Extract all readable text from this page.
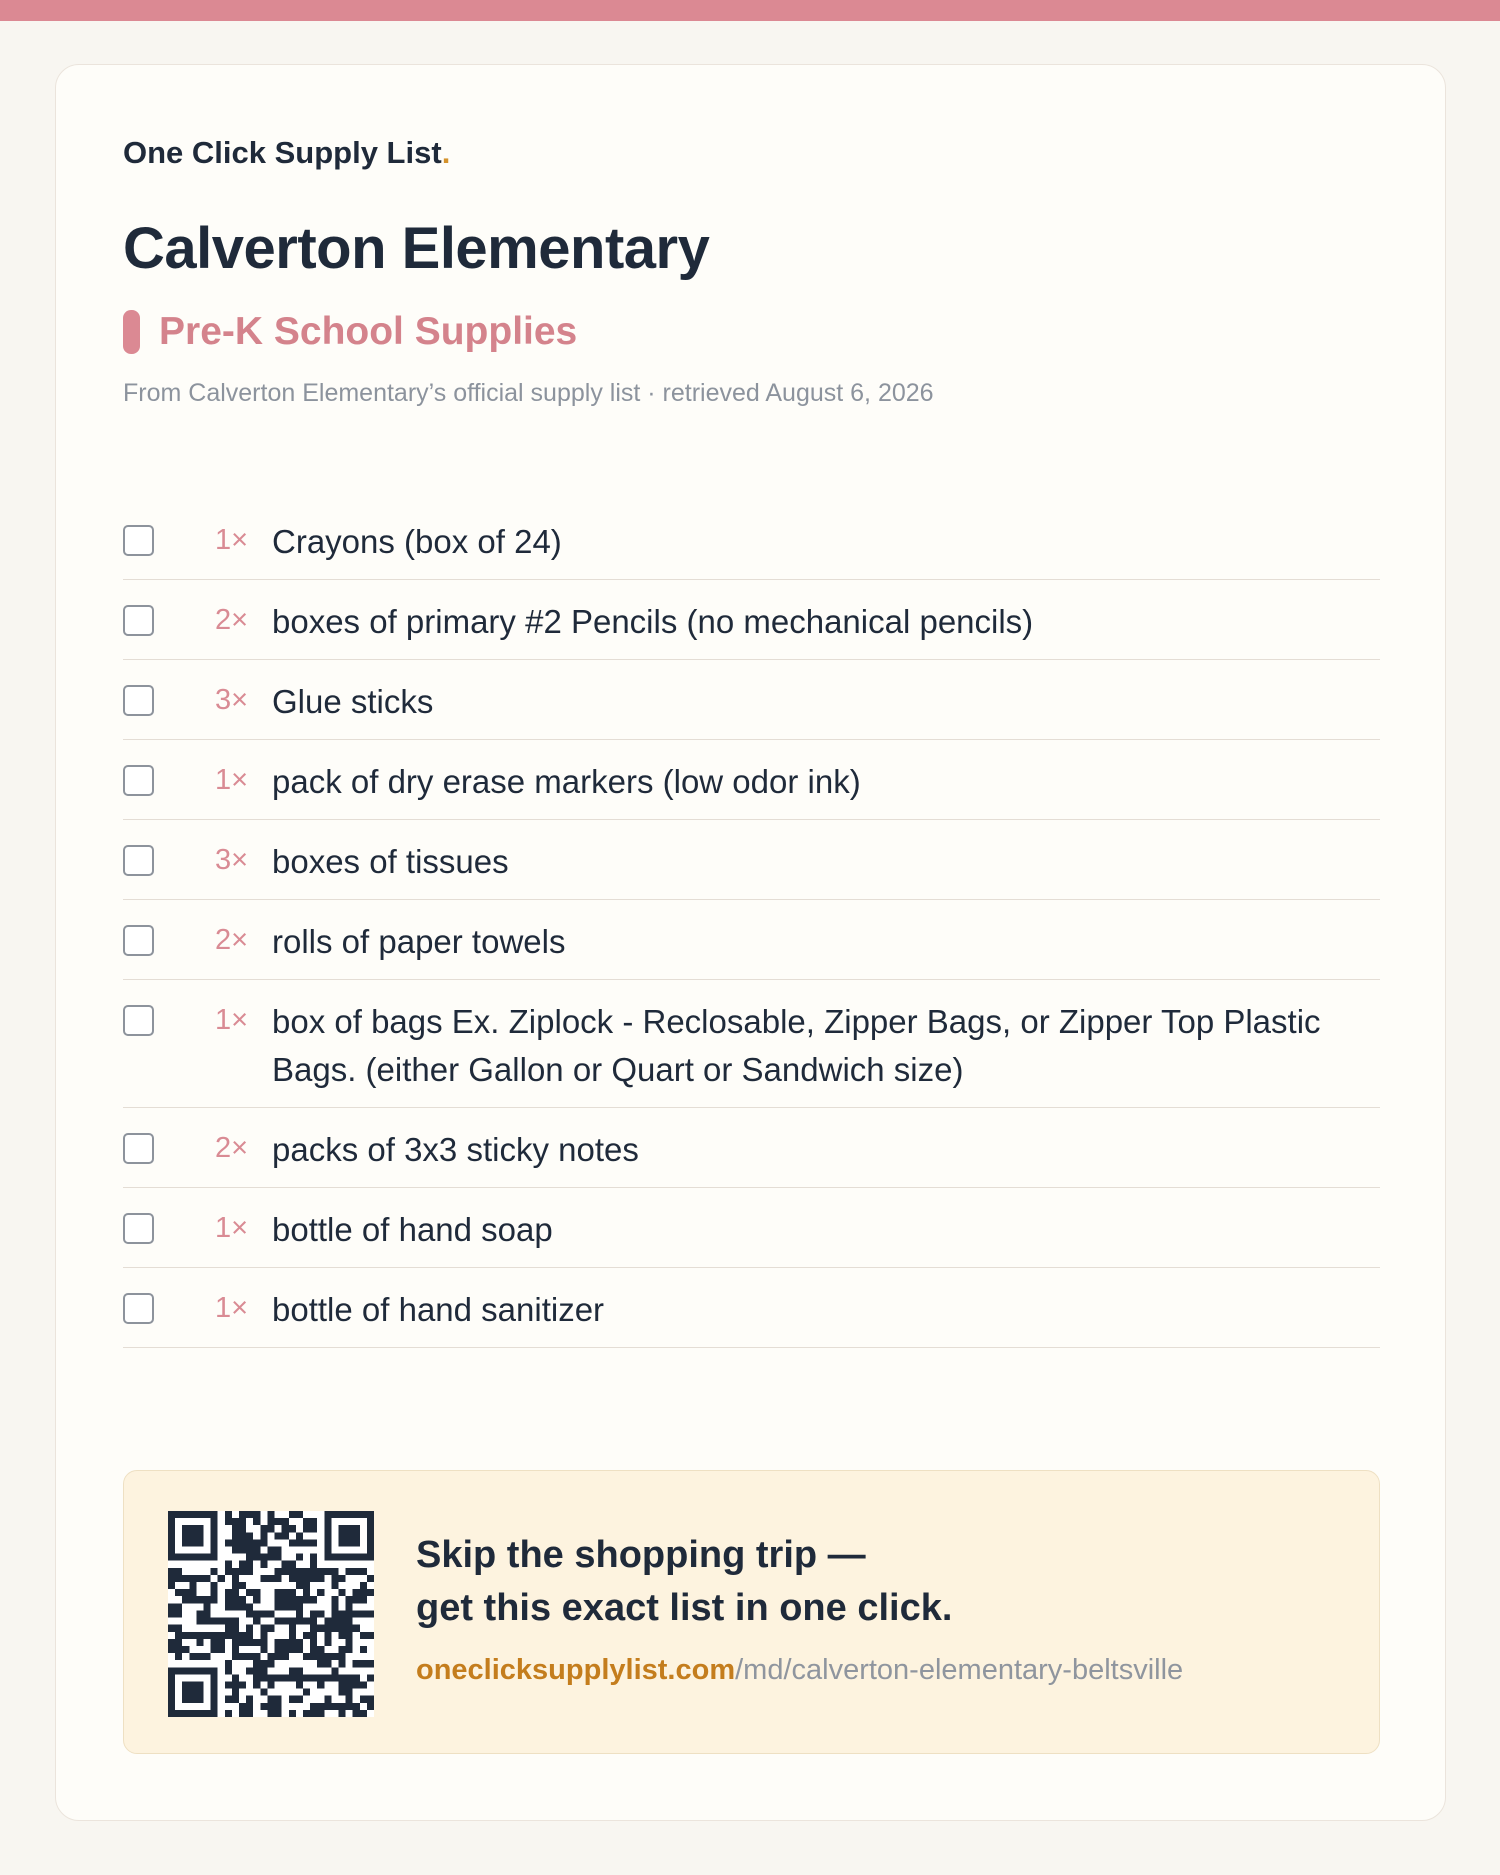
One Click Supply List.
Calverton Elementary
Pre-K School Supplies
From Calverton Elementary’s official supply list · retrieved August 6, 2026
1× Crayons (box of 24)
2× boxes of primary #2 Pencils (no mechanical pencils)
3× Glue sticks
1× pack of dry erase markers (low odor ink)
3× boxes of tissues
2× rolls of paper towels
1× box of bags Ex. Ziplock - Reclosable, Zipper Bags, or Zipper Top Plastic Bags. (either Gallon or Quart or Sandwich size)
2× packs of 3x3 sticky notes
1× bottle of hand soap
1× bottle of hand sanitizer
Skip the shopping trip —
get this exact list in one click.
oneclicksupplylist.com/md/calverton-elementary-beltsville
